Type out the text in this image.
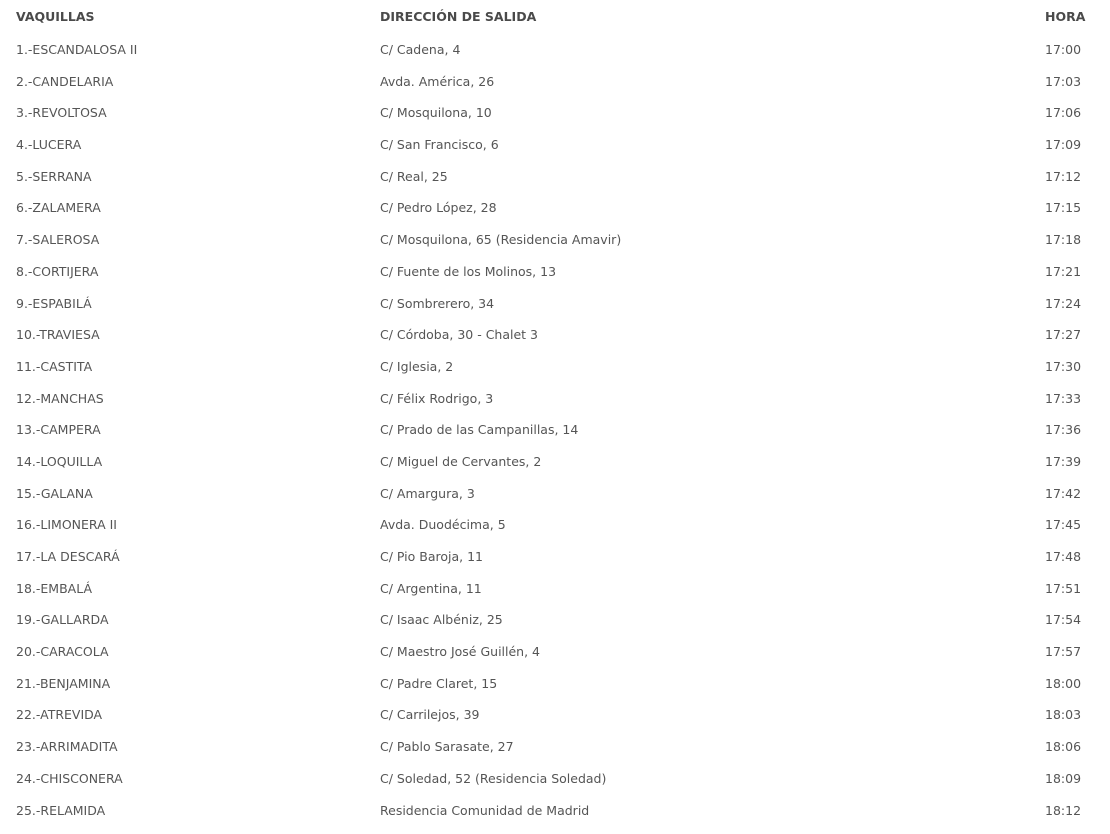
VAQUILLAS	DIRECCIÓN DE SALIDA	HORA
1.-ESCANDALOSA II	C/ Cadena, 4	17:00
2.-CANDELARIA	Avda. América, 26	17:03
3.-REVOLTOSA	C/ Mosquilona, 10	17:06
4.-LUCERA	C/ San Francisco, 6	17:09
5.-SERRANA	C/ Real, 25	17:12
6.-ZALAMERA	C/ Pedro López, 28	17:15
7.-SALEROSA	C/ Mosquilona, 65 (Residencia Amavir)	17:18
8.-CORTIJERA	C/ Fuente de los Molinos, 13	17:21
9.-ESPABILÁ	C/ Sombrerero, 34	17:24
10.-TRAVIESA	C/ Córdoba, 30 - Chalet 3	17:27
11.-CASTITA	C/ Iglesia, 2	17:30
12.-MANCHAS	C/ Félix Rodrigo, 3	17:33
13.-CAMPERA	C/ Prado de las Campanillas, 14	17:36
14.-LOQUILLA	C/ Miguel de Cervantes, 2	17:39
15.-GALANA	C/ Amargura, 3	17:42
16.-LIMONERA II	Avda. Duodécima, 5	17:45
17.-LA DESCARÁ	C/ Pio Baroja, 11	17:48
18.-EMBALÁ	C/ Argentina, 11	17:51
19.-GALLARDA	C/ Isaac Albéniz, 25	17:54
20.-CARACOLA	C/ Maestro José Guillén, 4	17:57
21.-BENJAMINA	C/ Padre Claret, 15	18:00
22.-ATREVIDA	C/ Carrilejos, 39	18:03
23.-ARRIMADITA	C/ Pablo Sarasate, 27	18:06
24.-CHISCONERA	C/ Soledad, 52 (Residencia Soledad)	18:09
25.-RELAMIDA	Residencia Comunidad de Madrid	18:12
